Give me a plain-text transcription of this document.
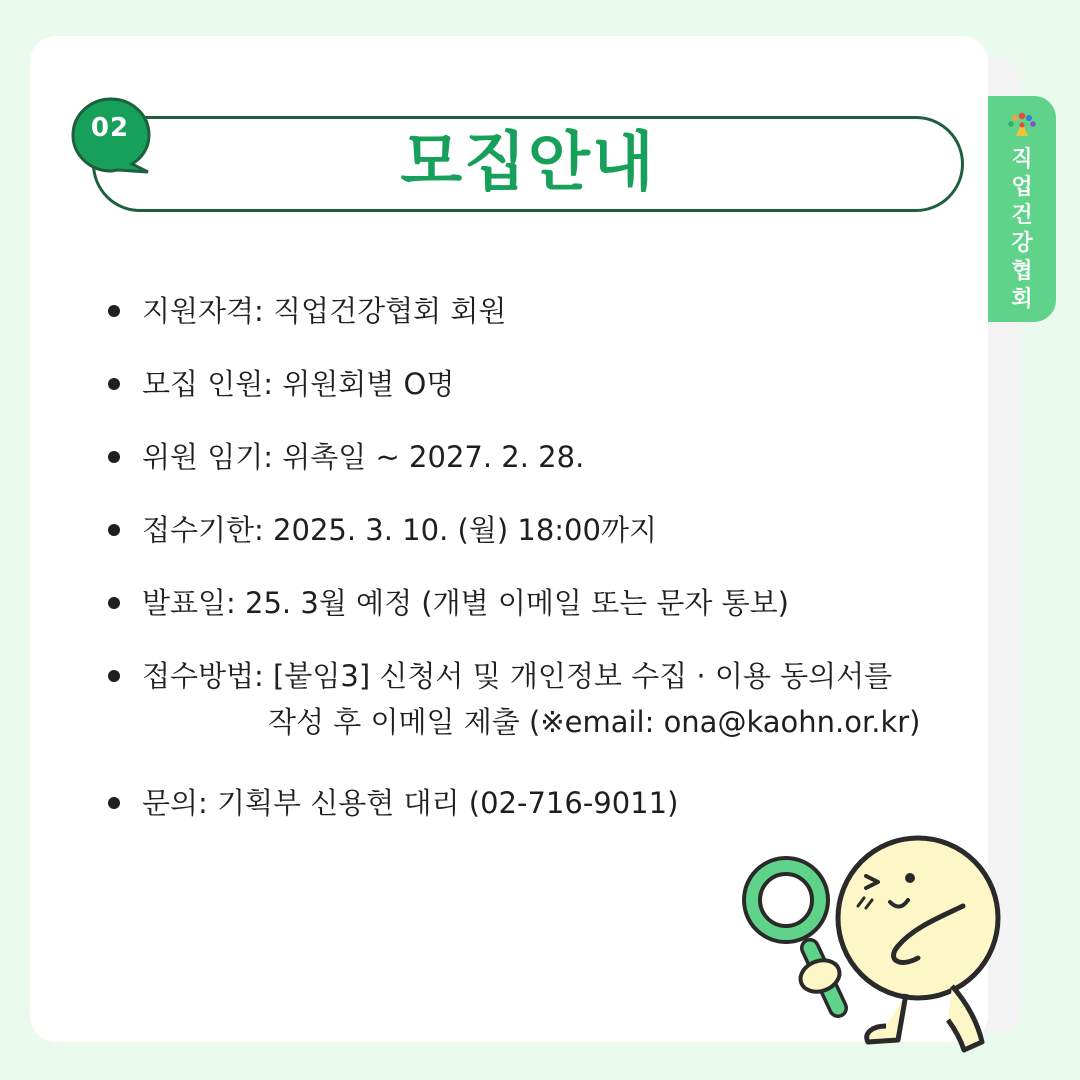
직업건강협회
모집안내
02
지원자격: 직업건강협회 회원
모집 인원: 위원회별 O명
위원 임기: 위촉일 ~ 2027. 2. 28.
접수기한: 2025. 3. 10. (월) 18:00까지
발표일: 25. 3월 예정 (개별 이메일 또는 문자 통보)
접수방법: [붙임3] 신청서 및 개인정보 수집 · 이용 동의서를
작성 후 이메일 제출 (※email: ona@kaohn.or.kr)
문의: 기획부 신용현 대리 (02-716-9011)
